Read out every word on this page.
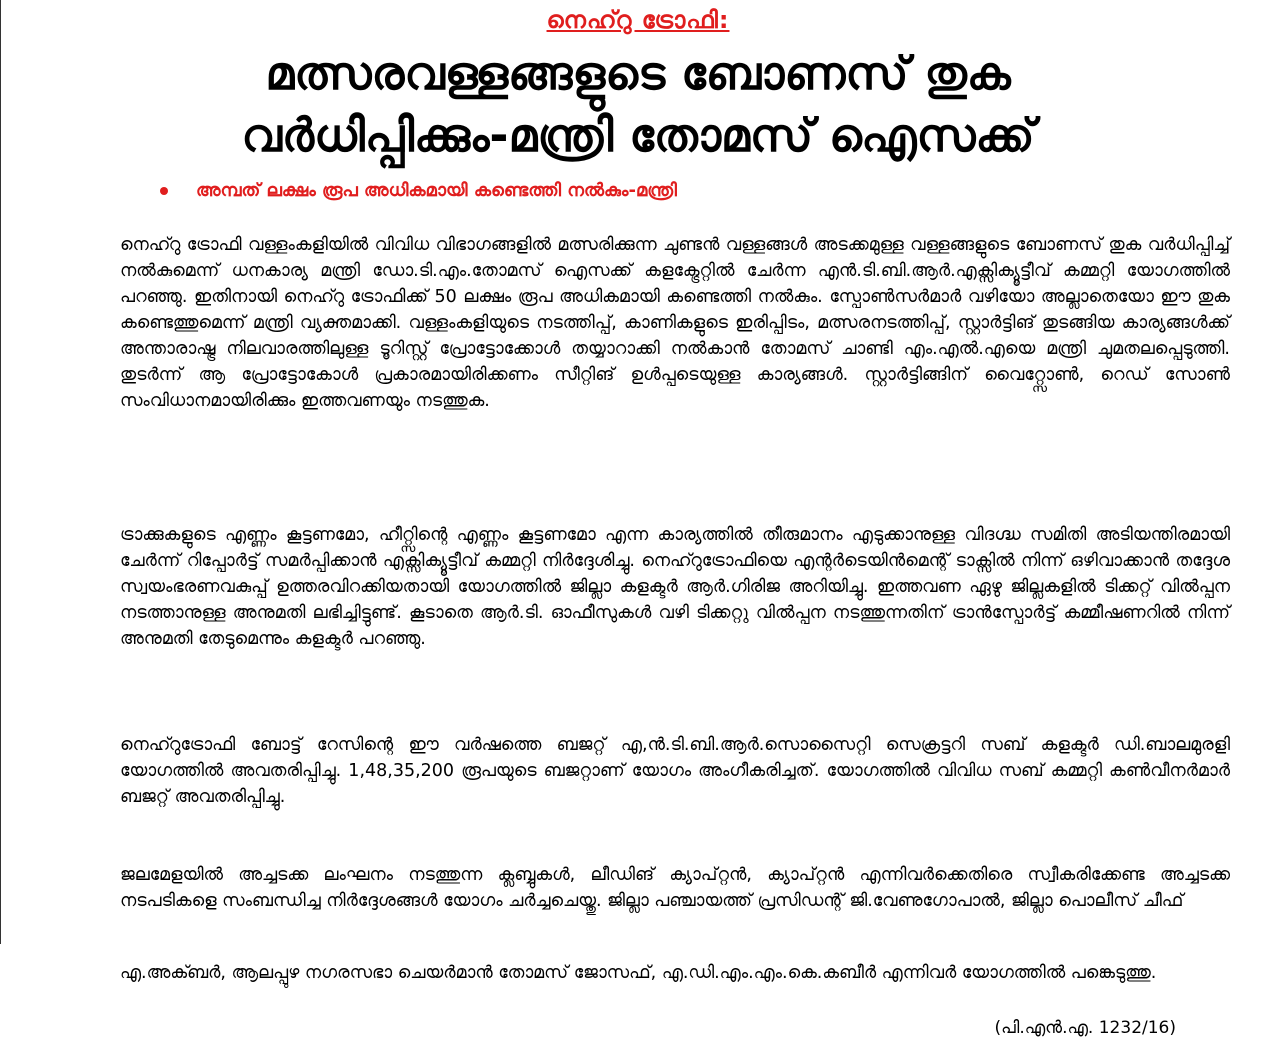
നെഹ്റു ട്രോഫി:
മത്സരവള്ളങ്ങളുടെ ബോണസ് തുക
വര്‍ധിപ്പിക്കും-മന്ത്രി തോമസ് ഐസക്ക്
അമ്പത് ലക്ഷം രൂപ അധികമായി കണ്ടെത്തി നല്‍കും-മന്ത്രി
നെഹ്റു ട്രോഫി വള്ളംകളിയില്‍ വിവിധ വിഭാഗങ്ങളില്‍ മത്സരിക്കുന്ന ചുണ്ടന്‍ വള്ളങ്ങള്‍ അടക്കമുള്ള വള്ളങ്ങളുടെ ബോണസ് തുക വര്‍ധിപ്പിച്ച് നല്‍കുമെന്ന് ധനകാര്യ മന്ത്രി ഡോ.ടി.എം.തോമസ് ഐസക്ക് കളക്ട്രേറ്റില്‍ ചേര്‍ന്ന എന്‍.ടി.ബി.ആര്‍.എക്സിക്യൂട്ടീവ് കമ്മറ്റി യോഗത്തില്‍ പറഞ്ഞു. ഇതിനായി നെഹ്റു ട്രോഫിക്ക് 50 ലക്ഷം രൂപ അധികമായി കണ്ടെത്തി നല്‍കും. സ്പോണ്‍സര്‍മാര്‍ വഴിയോ അല്ലാതെയോ ഈ തുക കണ്ടെത്തുമെന്ന് മന്ത്രി വ്യക്തമാക്കി. വള്ളംകളിയുടെ നടത്തിപ്പ്, കാണികളുടെ ഇരിപ്പിടം, മത്സരനടത്തിപ്പ്, സ്റ്റാര്‍ട്ടിങ് തുടങ്ങിയ കാര്യങ്ങള്‍ക്ക് അന്താരാഷ്ട്ര നിലവാരത്തിലുള്ള ടൂറിസ്റ്റ് പ്രോട്ടോക്കോള്‍ തയ്യാറാക്കി നല്‍കാന്‍ തോമസ് ചാണ്ടി എം.എല്‍.എയെ മന്ത്രി ചുമതലപ്പെടുത്തി. തുടര്‍ന്ന് ആ പ്രോട്ടോകോള്‍ പ്രകാരമായിരിക്കണം സീറ്റിങ് ഉള്‍പ്പടെയുള്ള കാര്യങ്ങള്‍. സ്റ്റാര്‍ട്ടിങ്ങിന് വൈറ്റ്സോണ്‍, റെഡ് സോണ്‍ സംവിധാനമായിരിക്കും ഇത്തവണയും നടത്തുക.
ട്രാക്കുകളുടെ എണ്ണം കൂട്ടണമോ, ഹീറ്റ്സിന്റെ എണ്ണം കൂട്ടണമോ എന്ന കാര്യത്തില്‍ തീരുമാനം എടുക്കാനുള്ള വിദഗ്ദ്ധ സമിതി അടിയന്തിരമായി ചേര്‍ന്ന് റിപ്പോര്‍ട്ട് സമര്‍പ്പിക്കാന്‍ എക്സിക്യൂട്ടീവ് കമ്മറ്റി നിര്‍ദ്ദേശിച്ചു. നെഹ്റുട്രോഫിയെ എന്റര്‍ടെയിന്‍മെന്റ് ടാക്സില്‍ നിന്ന് ഒഴിവാക്കാന്‍ തദ്ദേശ സ്വയംഭരണവകുപ്പ് ഉത്തരവിറക്കിയതായി യോഗത്തില്‍ ജില്ലാ കളക്ടര്‍ ആര്‍.ഗിരിജ അറിയിച്ചു. ഇത്തവണ ഏഴു ജില്ലകളില്‍ ടിക്കറ്റ് വില്‍പ്പന നടത്താനുള്ള അനുമതി ലഭിച്ചിട്ടുണ്ട്. കൂടാതെ ആര്‍.ടി. ഓഫീസുകള്‍ വഴി ടിക്കറ്റു വില്‍പ്പന നടത്തുന്നതിന് ട്രാന്‍സ്പോര്‍ട്ട് കമ്മീഷണറില്‍ നിന്ന് അനുമതി തേടുമെന്നും കളക്ടര്‍ പറഞ്ഞു.
നെഹ്റുട്രോഫി ബോട്ട് റേസിന്റെ ഈ വര്‍ഷത്തെ ബജറ്റ് എ,ന്‍.ടി.ബി.ആര്‍.സൊസൈറ്റി സെക്രട്ടറി സബ് കളക്ടര്‍ ഡി.ബാലമുരളി യോഗത്തില്‍ അവതരിപ്പിച്ചു. 1,48,35,200 രൂപയുടെ ബജറ്റാണ് യോഗം അംഗീകരിച്ചത്. യോഗത്തില്‍ വിവിധ സബ് കമ്മറ്റി കണ്‍വീനര്‍മാര്‍ ബജറ്റ് അവതരിപ്പിച്ചു.
ജലമേളയില്‍ അച്ചടക്ക ലംഘനം നടത്തുന്ന ക്ലബ്ബുകള്‍, ലീഡിങ് ക്യാപ്റ്റന്‍, ക്യാപ്റ്റന്‍ എന്നിവര്‍ക്കെതിരെ സ്വീകരിക്കേണ്ട അച്ചടക്ക നടപടികളെ സംബന്ധിച്ച നിര്‍ദ്ദേശങ്ങള്‍ യോഗം ചര്‍ച്ചചെയ്തു. ജില്ലാ പഞ്ചായത്ത് പ്രസിഡന്റ് ജി.വേണുഗോപാല്‍, ജില്ലാ പൊലീസ് ചീഫ്
എ.അക്ബര്‍, ആലപ്പുഴ നഗരസഭാ ചെയര്‍മാന്‍ തോമസ് ജോസഫ്, എ.ഡി.എം.എം.കെ.കബീര്‍ എന്നിവര്‍ യോഗത്തില്‍ പങ്കെടുത്തു.
(പി.എന്‍.എ. 1232/16)
